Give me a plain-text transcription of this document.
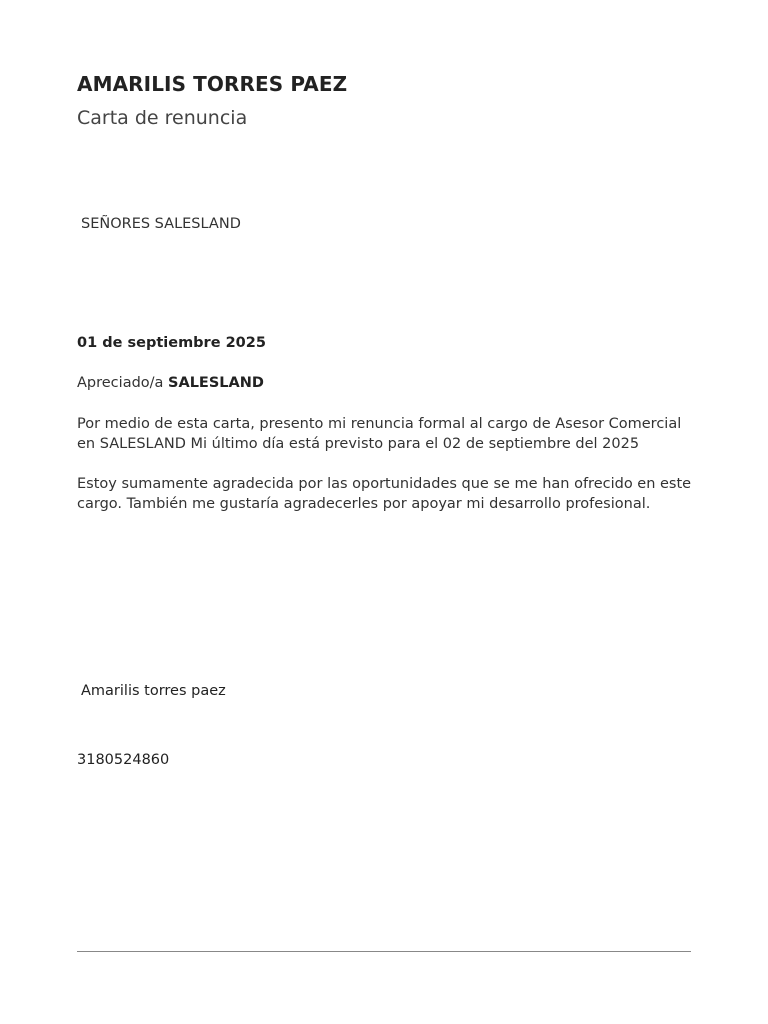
AMARILIS TORRES PAEZ
Carta de renuncia
SEÑORES SALESLAND
01 de septiembre 2025
Apreciado/a SALESLAND
Por medio de esta carta, presento mi renuncia formal al cargo de Asesor Comercial
en SALESLAND Mi último día está previsto para el 02 de septiembre del 2025
Estoy sumamente agradecida por las oportunidades que se me han ofrecido en este
cargo. También me gustaría agradecerles por apoyar mi desarrollo profesional.
Amarilis torres paez
3180524860
